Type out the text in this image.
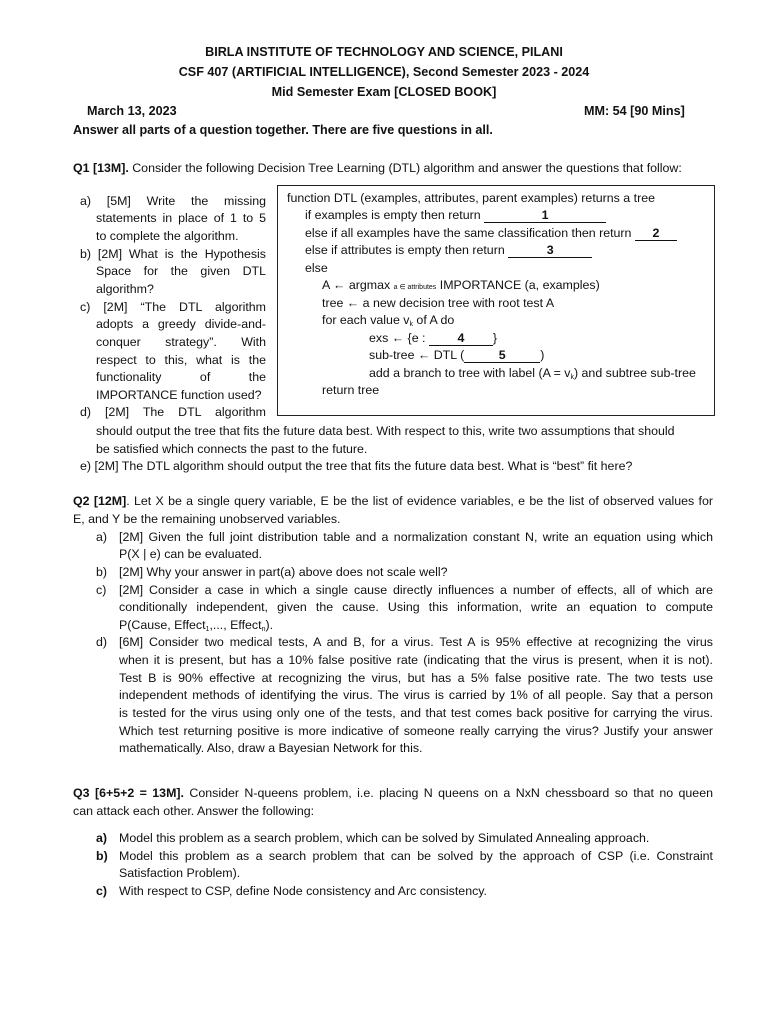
BIRLA INSTITUTE OF TECHNOLOGY AND SCIENCE, PILANI
CSF 407 (ARTIFICIAL INTELLIGENCE), Second Semester 2023 - 2024
Mid Semester Exam [CLOSED BOOK]
March 13, 2023	MM: 54 [90 Mins]
Answer all parts of a question together. There are five questions in all.
Q1 [13M]. Consider the following Decision Tree Learning (DTL) algorithm and answer the questions that follow:
a) [5M] Write the missing
statements in place of 1 to 5
to complete the algorithm.
b) [2M] What is the Hypothesis
Space for the given DTL
algorithm?
c) [2M] “The DTL algorithm
adopts a greedy divide-and-
conquer strategy”. With
respect to this, what is the
functionality of the
IMPORTANCE function used?
d) [2M] The DTL algorithm
should output the tree that fits the future data best. With respect to this, write two assumptions that should
be satisfied which connects the past to the future.
e) [2M] The DTL algorithm should output the tree that fits the future data best. What is “best” fit here?
function DTL (examples, attributes, parent examples) returns a tree
if examples is empty then return	1
else if all examples have the same classification then return 2
else if attributes is empty then return	3
else
A ← argmax a ∈ attributes IMPORTANCE (a, examples)
tree ← a new decision tree with root test A
for each value $v_k$ of A do
exs ← {e : 4 }
sub-tree ← DTL (	5	)
add a branch to tree with label $(A = v_k)$ and subtree sub-tree
return tree
Q2 [12M]. Let X be a single query variable, E be the list of evidence variables, e be the list of observed values for
E, and Y be the remaining unobserved variables.
a) [2M] Given the full joint distribution table and a normalization constant N, write an equation using which
P(X | e) can be evaluated.
b) [2M] Why your answer in part(a) above does not scale well?
c) [2M] Consider a case in which a single cause directly influences a number of effects, all of which are
conditionally independent, given the cause. Using this information, write an equation to compute
P(Cause, Effect$_1$,..., Effect$_n$).
d) [6M] Consider two medical tests, A and B, for a virus. Test A is 95% effective at recognizing the virus
when it is present, but has a 10% false positive rate (indicating that the virus is present, when it is not).
Test B is 90% effective at recognizing the virus, but has a 5% false positive rate. The two tests use
independent methods of identifying the virus. The virus is carried by 1% of all people. Say that a person
is tested for the virus using only one of the tests, and that test comes back positive for carrying the virus.
Which test returning positive is more indicative of someone really carrying the virus? Justify your answer
mathematically. Also, draw a Bayesian Network for this.
Q3 [6+5+2 = 13M]. Consider N-queens problem, i.e. placing N queens on a NxN chessboard so that no queen
can attack each other. Answer the following:
a) Model this problem as a search problem, which can be solved by Simulated Annealing approach.
b) Model this problem as a search problem that can be solved by the approach of CSP (i.e. Constraint
Satisfaction Problem).
c) With respect to CSP, define Node consistency and Arc consistency.
